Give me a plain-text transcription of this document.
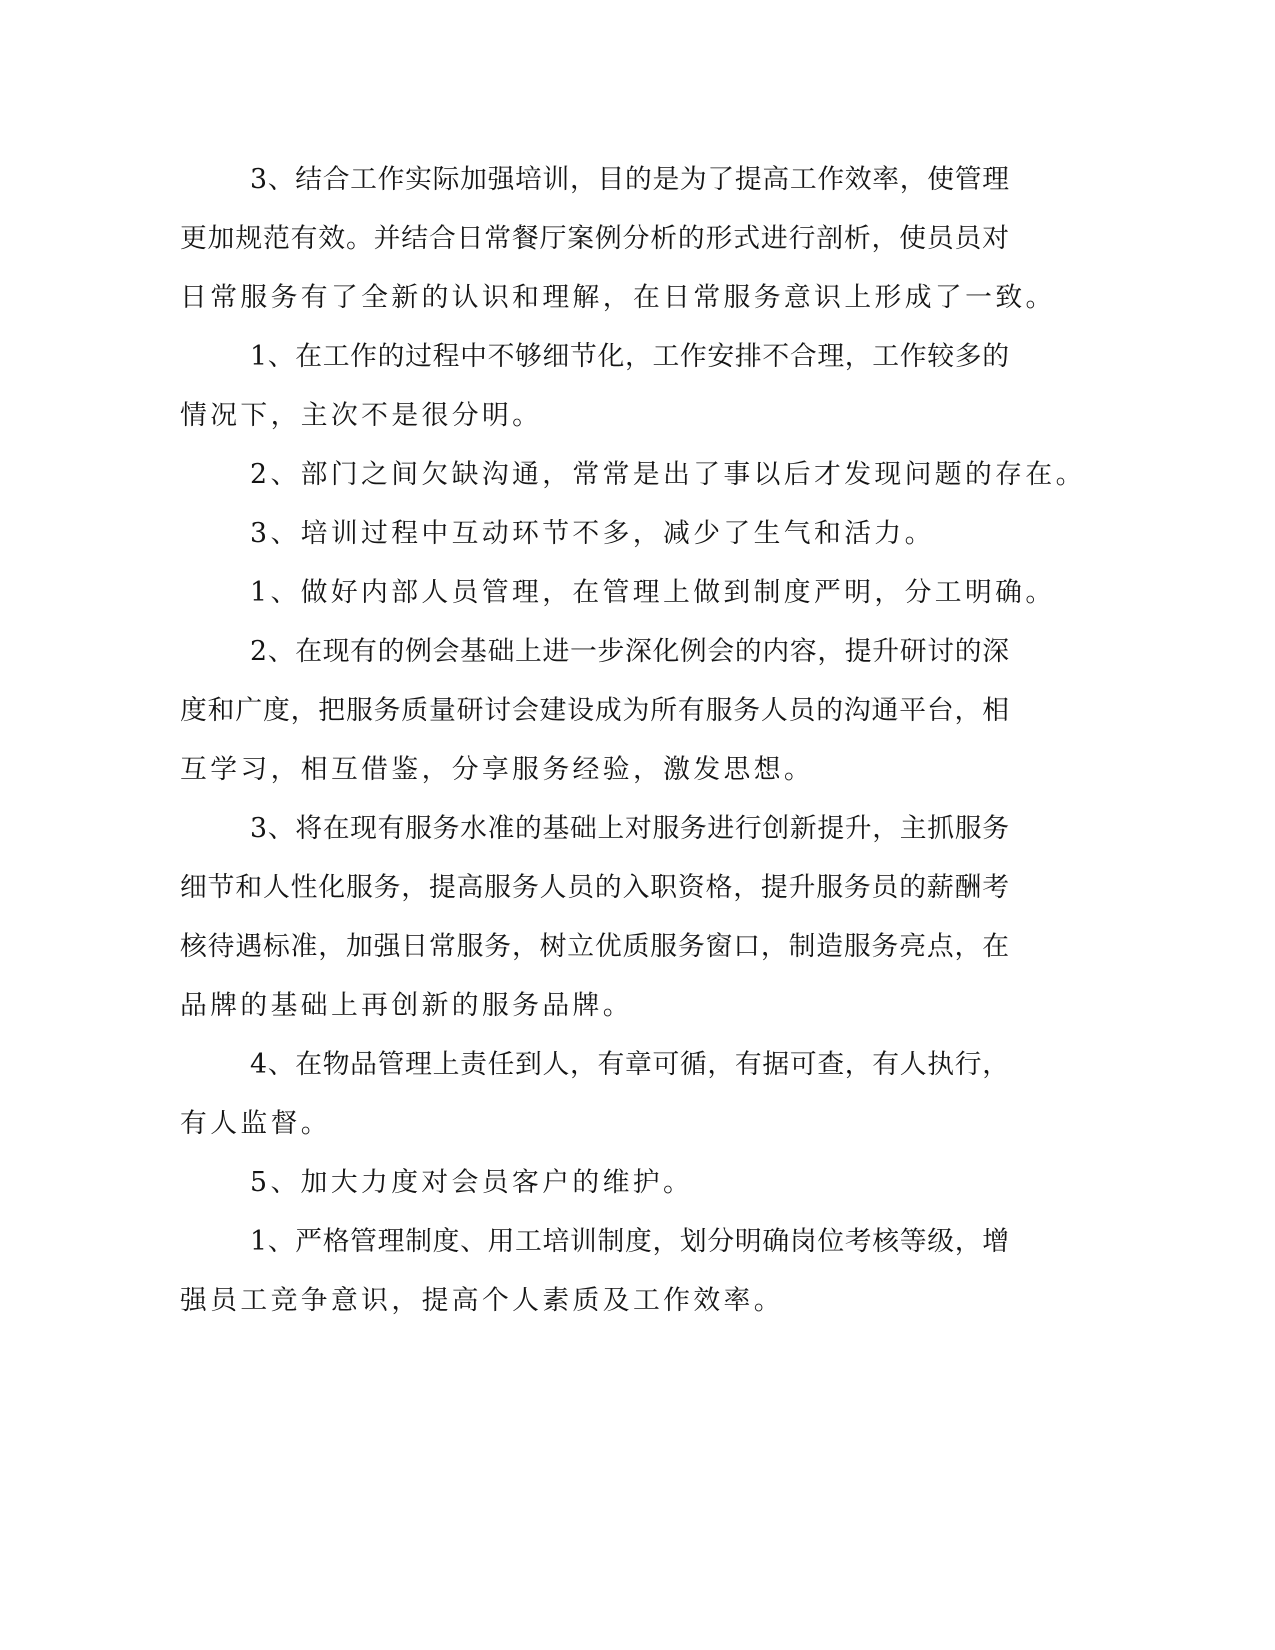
3、结合工作实际加强培训，目的是为了提高工作效率，使管理
更加规范有效。并结合日常餐厅案例分析的形式进行剖析，使员员对
日常服务有了全新的认识和理解，在日常服务意识上形成了一致。
1、在工作的过程中不够细节化，工作安排不合理，工作较多的
情况下，主次不是很分明。
2、部门之间欠缺沟通，常常是出了事以后才发现问题的存在。
3、培训过程中互动环节不多，减少了生气和活力。
1、做好内部人员管理，在管理上做到制度严明，分工明确。
2、在现有的例会基础上进一步深化例会的内容，提升研讨的深
度和广度，把服务质量研讨会建设成为所有服务人员的沟通平台，相
互学习，相互借鉴，分享服务经验，激发思想。
3、将在现有服务水准的基础上对服务进行创新提升，主抓服务
细节和人性化服务，提高服务人员的入职资格，提升服务员的薪酬考
核待遇标准，加强日常服务，树立优质服务窗口，制造服务亮点，在
品牌的基础上再创新的服务品牌。
4、在物品管理上责任到人，有章可循，有据可查，有人执行，
有人监督。
5、加大力度对会员客户的维护。
1、严格管理制度、用工培训制度，划分明确岗位考核等级，增
强员工竞争意识，提高个人素质及工作效率。
